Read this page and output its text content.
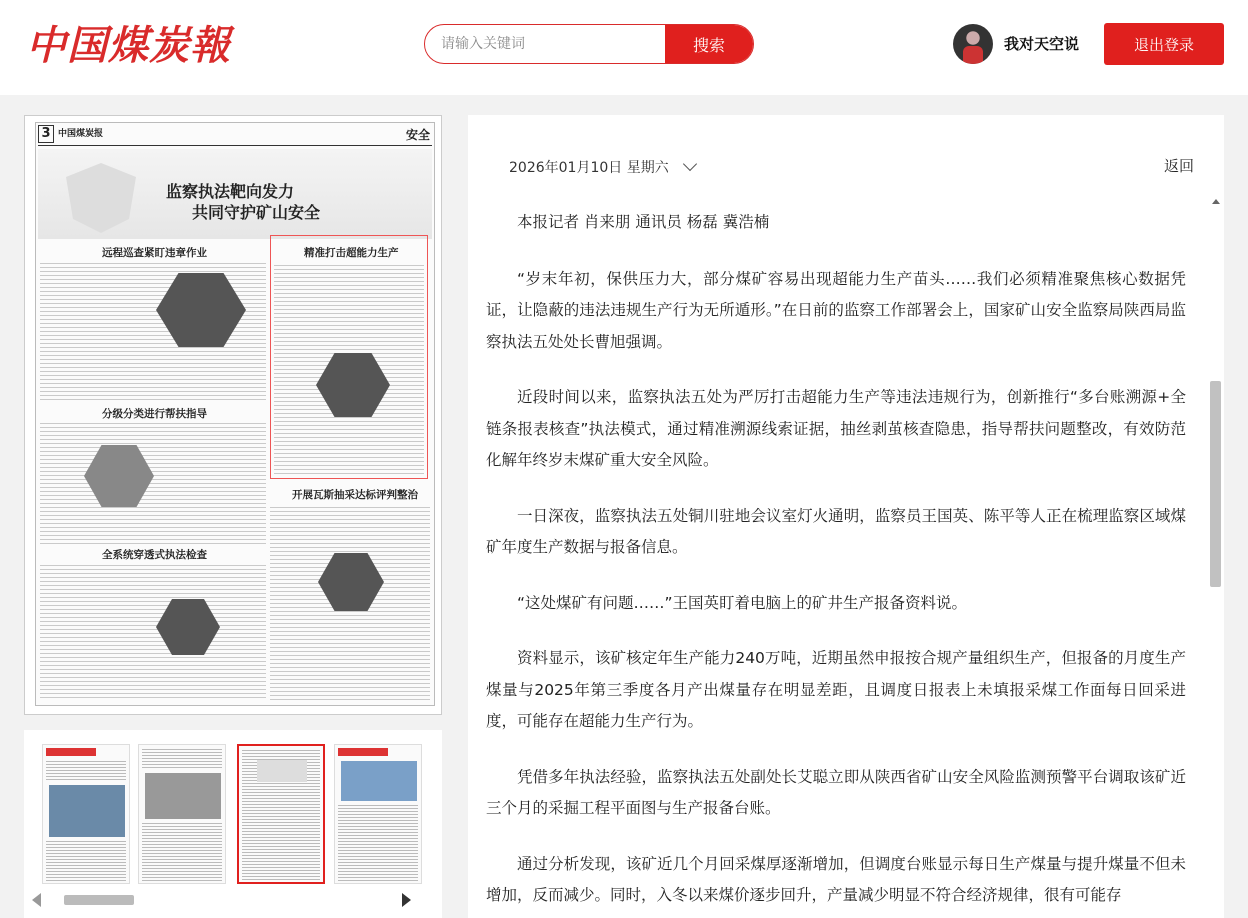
中国煤炭報
请输入关键词	搜索	我对天空说	退出登录
3 中国煤炭报	安全
监察执法靶向发力
共同守护矿山安全
远程巡查紧盯违章作业	精准打击超能力生产
分级分类进行帮扶指导
开展瓦斯抽采达标评判整治
全系统穿透式执法检查
2026年01月10日 星期六	返回

本报记者 肖来朋 通讯员 杨磊 冀浩楠

“岁末年初，保供压力大，部分煤矿容易出现超能力生产苗头……我们必须精准聚焦核心数据凭证，让隐蔽的违法违规生产行为无所遁形。”在日前的监察工作部署会上，国家矿山安全监察局陕西局监察执法五处处长曹旭强调。

近段时间以来，监察执法五处为严厉打击超能力生产等违法违规行为，创新推行“多台账溯源+全链条报表核查”执法模式，通过精准溯源线索证据，抽丝剥茧核查隐患，指导帮扶问题整改，有效防范化解年终岁末煤矿重大安全风险。

一日深夜，监察执法五处铜川驻地会议室灯火通明，监察员王国英、陈平等人正在梳理监察区域煤矿年度生产数据与报备信息。

“这处煤矿有问题……”王国英盯着电脑上的矿井生产报备资料说。

资料显示，该矿核定年生产能力240万吨，近期虽然申报按合规产量组织生产，但报备的月度生产煤量与2025年第三季度各月产出煤量存在明显差距，且调度日报表上未填报采煤工作面每日回采进度，可能存在超能力生产行为。

凭借多年执法经验，监察执法五处副处长艾聪立即从陕西省矿山安全风险监测预警平台调取该矿近三个月的采掘工程平面图与生产报备台账。

通过分析发现，该矿近几个月回采煤厚逐渐增加，但调度台账显示每日生产煤量与提升煤量不但未增加，反而减少。同时，入冬以来煤价逐步回升，产量减少明显不符合经济规律，很有可能存
